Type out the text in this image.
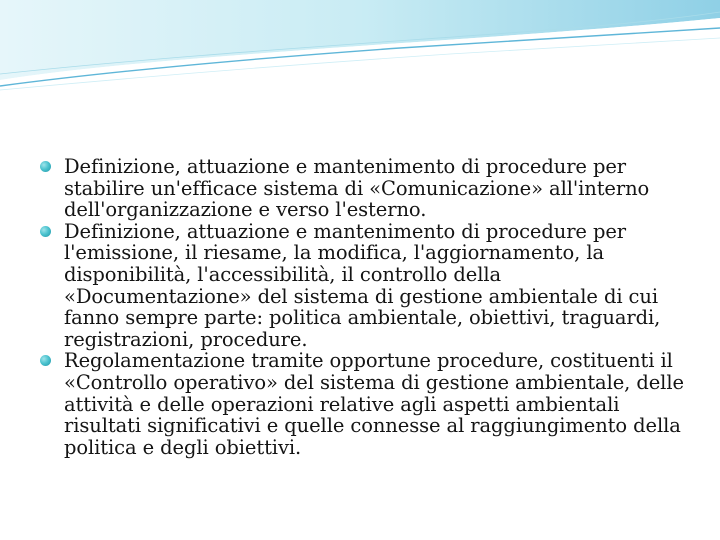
Definizione, attuazione e mantenimento di procedure per stabilire un'efficace sistema di «Comunicazione» all'interno dell'organizzazione e verso l'esterno.
Definizione, attuazione e mantenimento di procedure per l'emissione, il riesame, la modifica, l'aggiornamento, la disponibilità, l'accessibilità, il controllo della «Documentazione» del sistema di gestione ambientale di cui fanno sempre parte: politica ambientale, obiettivi, traguardi, registrazioni, procedure.
Regolamentazione tramite opportune procedure, costituenti il «Controllo operativo» del sistema di gestione ambientale, delle attività e delle operazioni relative agli aspetti ambientali risultati significativi e quelle connesse al raggiungimento della politica e degli obiettivi.
